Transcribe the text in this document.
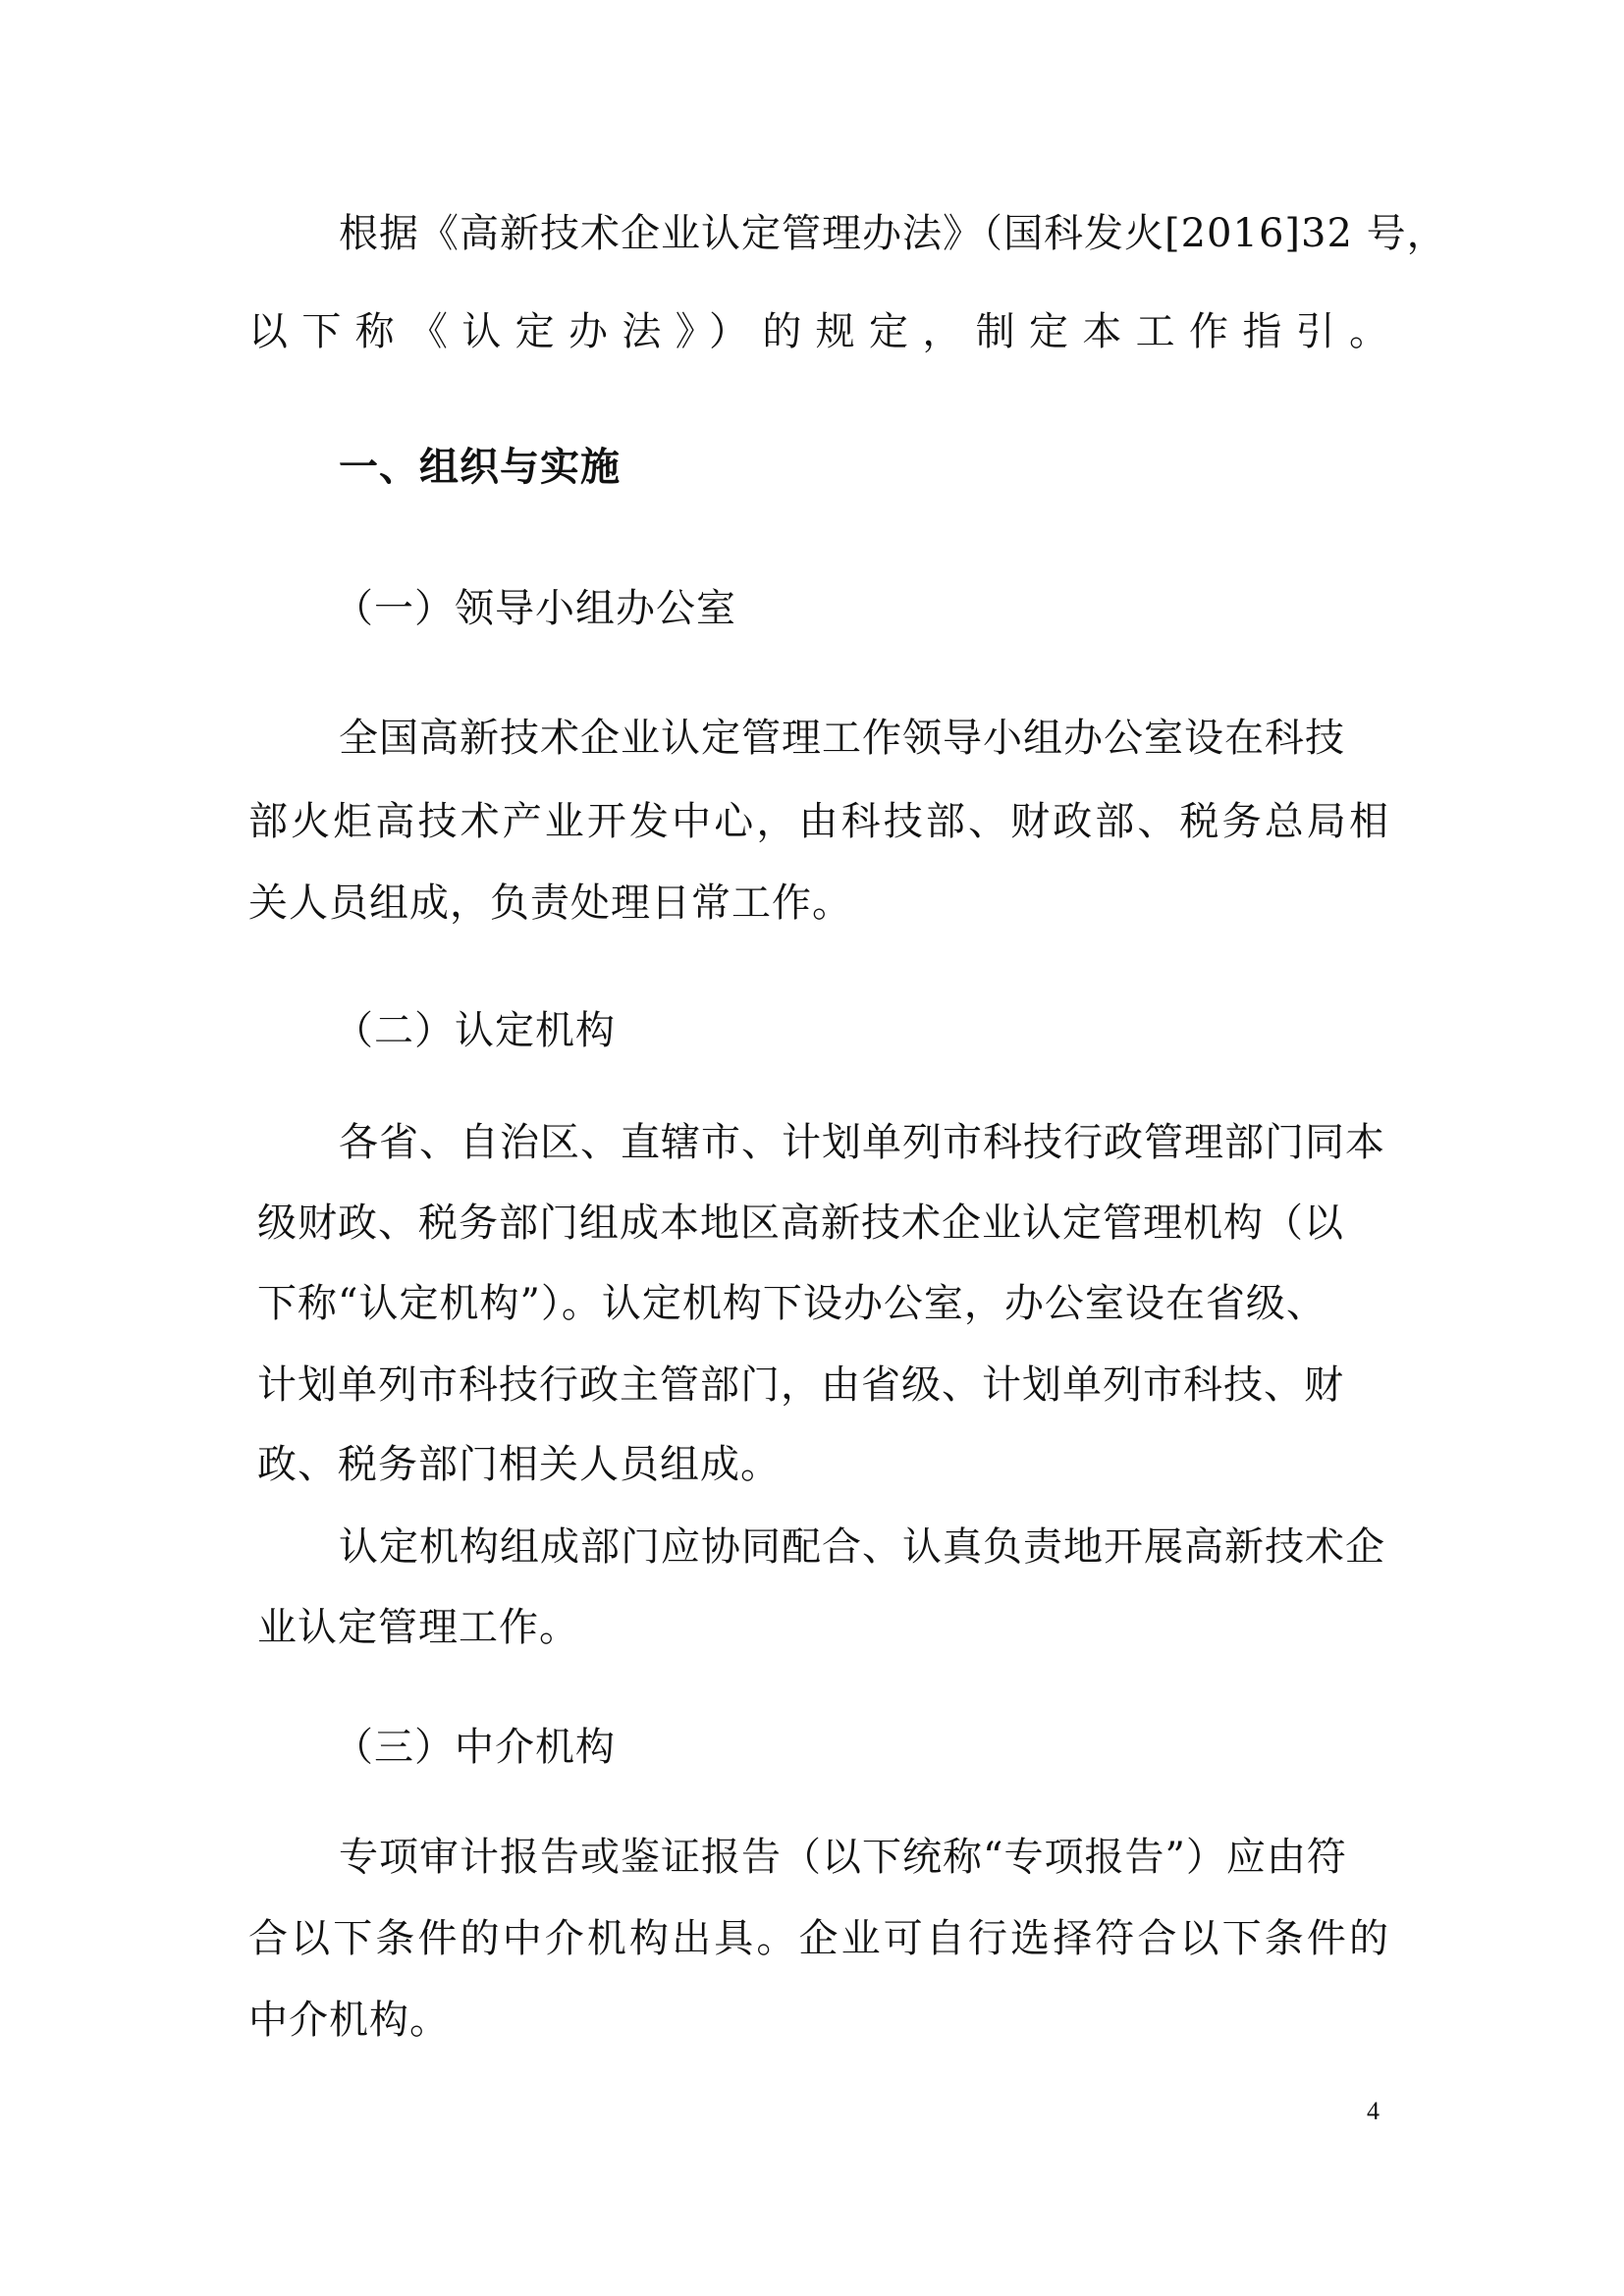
根据《高新技术企业认定管理办法》（国科发火[2016]32 号，
以下称《认定办法》）的规定，制定本工作指引。
一、组织与实施
（一）领导小组办公室
全国高新技术企业认定管理工作领导小组办公室设在科技
部火炬高技术产业开发中心，由科技部、财政部、税务总局相
关人员组成，负责处理日常工作。
（二）认定机构
各省、自治区、直辖市、计划单列市科技行政管理部门同本
级财政、税务部门组成本地区高新技术企业认定管理机构（以
下称“认定机构”）。认定机构下设办公室，办公室设在省级、
计划单列市科技行政主管部门，由省级、计划单列市科技、财
政、税务部门相关人员组成。
认定机构组成部门应协同配合、认真负责地开展高新技术企
业认定管理工作。
（三）中介机构
专项审计报告或鉴证报告（以下统称“专项报告”）应由符
合以下条件的中介机构出具。企业可自行选择符合以下条件的
中介机构。
4
